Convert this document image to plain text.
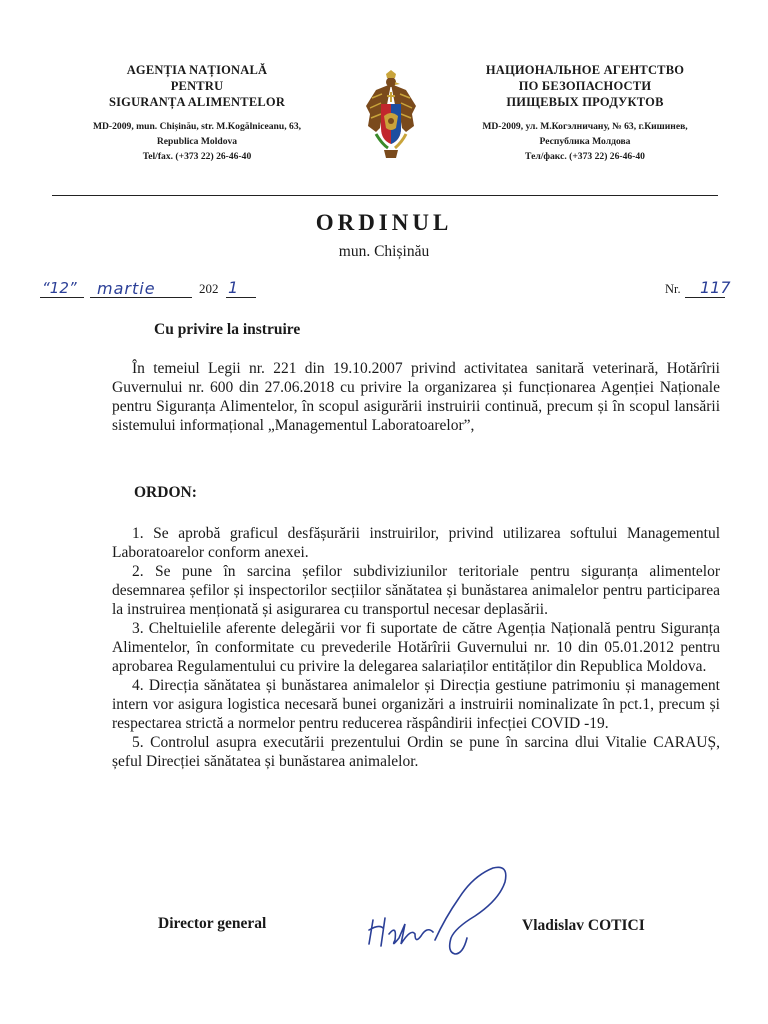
AGENȚIA NAȚIONALĂ
PENTRU
SIGURANȚA ALIMENTELOR
MD-2009, mun. Chișinău, str. M.Kogălniceanu, 63,
Republica Moldova
Tel/fax. (+373 22) 26-46-40
НАЦИОНАЛЬНОЕ АГЕНТСТВО
ПО БЕЗОПАСНОСТИ
ПИЩЕВЫХ ПРОДУКТОВ
MD-2009, ул. М.Когэлничану, № 63, г.Кишинев,
Республика Молдова
Тел/факс. (+373 22) 26-46-40
ORDINUL
mun. Chișinău
“12” martie	202 1	Nr. 117
Cu privire la instruire
În temeiul Legii nr. 221 din 19.10.2007 privind activitatea sanitară veterinară, Hotărîrii Guvernului nr. 600 din 27.06.2018 cu privire la organizarea și funcționarea Agenției Naționale pentru Siguranța Alimentelor, în scopul asigurării instruirii continuă, precum și în scopul lansării sistemului informațional „Managementul Laboratoarelor”,
ORDON:

1. Se aprobă graficul desfășurării instruirilor, privind utilizarea softului Managementul Laboratoarelor conform anexei.

2. Se pune în sarcina șefilor subdiviziunilor teritoriale pentru siguranța alimentelor desemnarea șefilor și inspectorilor secțiilor sănătatea și bunăstarea animalelor pentru participarea la instruirea menționată și asigurarea cu transportul necesar deplasării.

3. Cheltuielile aferente delegării vor fi suportate de către Agenția Națională pentru Siguranța Alimentelor, în conformitate cu prevederile Hotărîrii Guvernului nr. 10 din 05.01.2012 pentru aprobarea Regulamentului cu privire la delegarea salariaților entităților din Republica Moldova.

4. Direcția sănătatea și bunăstarea animalelor și Direcția gestiune patrimoniu și management intern vor asigura logistica necesară bunei organizări a instruirii nominalizate în pct.1, precum și respectarea strictă a normelor pentru reducerea răspândirii infecției COVID -19.

5. Controlul asupra executării prezentului Ordin se pune în sarcina dlui Vitalie CARAUȘ, șeful Direcției sănătatea și bunăstarea animalelor.

Director general	Vladislav COTICI
